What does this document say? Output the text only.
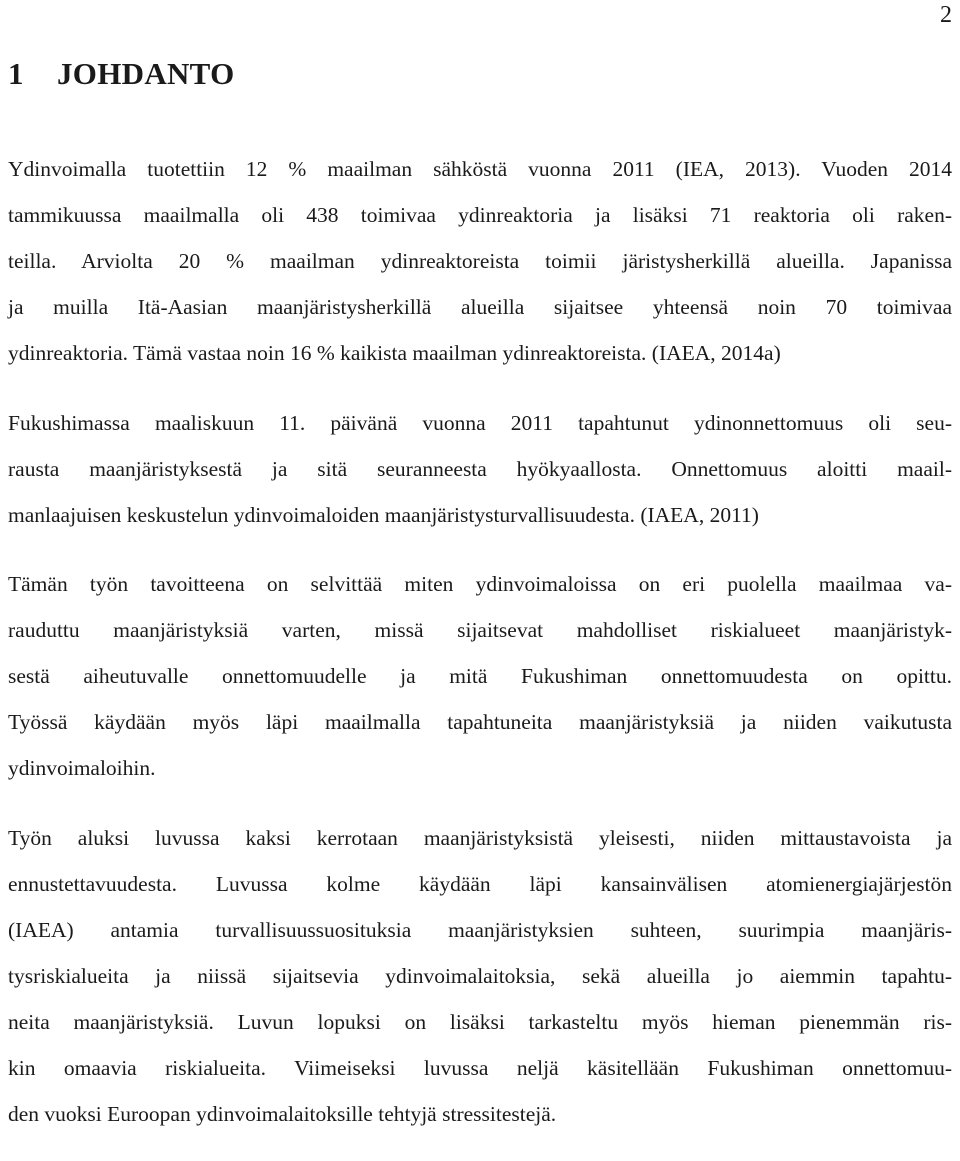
2
1 JOHDANTO

Ydinvoimalla tuotettiin 12 % maailman sähköstä vuonna 2011 (IEA, 2013). Vuoden 2014
tammikuussa maailmalla oli 438 toimivaa ydinreaktoria ja lisäksi 71 reaktoria oli raken-
teilla. Arviolta 20 % maailman ydinreaktoreista toimii järistysherkillä alueilla. Japanissa
ja muilla Itä-Aasian maanjäristysherkillä alueilla sijaitsee yhteensä noin 70 toimivaa
ydinreaktoria. Tämä vastaa noin 16 % kaikista maailman ydinreaktoreista. (IAEA, 2014a)

Fukushimassa maaliskuun 11. päivänä vuonna 2011 tapahtunut ydinonnettomuus oli seu-
rausta maanjäristyksestä ja sitä seuranneesta hyökyaallosta. Onnettomuus aloitti maail-
manlaajuisen keskustelun ydinvoimaloiden maanjäristysturvallisuudesta. (IAEA, 2011)

Tämän työn tavoitteena on selvittää miten ydinvoimaloissa on eri puolella maailmaa va-
rauduttu maanjäristyksiä varten, missä sijaitsevat mahdolliset riskialueet maanjäristyk-
sestä aiheutuvalle onnettomuudelle ja mitä Fukushiman onnettomuudesta on opittu.
Työssä käydään myös läpi maailmalla tapahtuneita maanjäristyksiä ja niiden vaikutusta
ydinvoimaloihin.

Työn aluksi luvussa kaksi kerrotaan maanjäristyksistä yleisesti, niiden mittaustavoista ja
ennustettavuudesta. Luvussa kolme käydään läpi kansainvälisen atomienergiajärjestön
(IAEA) antamia turvallisuussuosituksia maanjäristyksien suhteen, suurimpia maanjäris-
tysriskialueita ja niissä sijaitsevia ydinvoimalaitoksia, sekä alueilla jo aiemmin tapahtu-
neita maanjäristyksiä. Luvun lopuksi on lisäksi tarkasteltu myös hieman pienemmän ris-
kin omaavia riskialueita. Viimeiseksi luvussa neljä käsitellään Fukushiman onnettomuu-
den vuoksi Euroopan ydinvoimalaitoksille tehtyjä stressitestejä.
